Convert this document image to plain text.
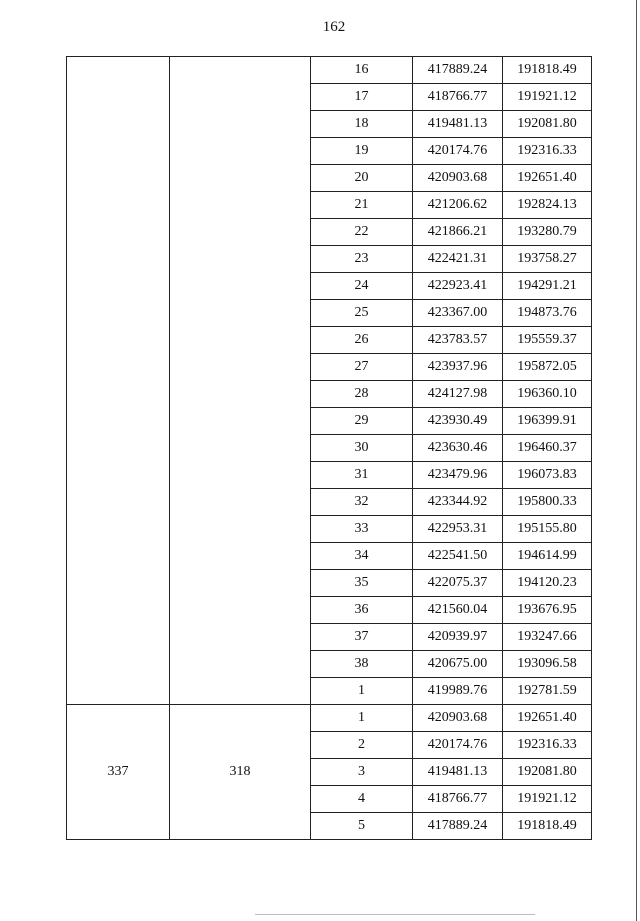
162
		16	417889.24	191818.49
		17	418766.77	191921.12
		18	419481.13	192081.80
		19	420174.76	192316.33
		20	420903.68	192651.40
		21	421206.62	192824.13
		22	421866.21	193280.79
		23	422421.31	193758.27
		24	422923.41	194291.21
		25	423367.00	194873.76
		26	423783.57	195559.37
		27	423937.96	195872.05
		28	424127.98	196360.10
		29	423930.49	196399.91
		30	423630.46	196460.37
		31	423479.96	196073.83
		32	423344.92	195800.33
		33	422953.31	195155.80
		34	422541.50	194614.99
		35	422075.37	194120.23
		36	421560.04	193676.95
		37	420939.97	193247.66
		38	420675.00	193096.58
		1	419989.76	192781.59
337	318	1	420903.68	192651.40
		2	420174.76	192316.33
		3	419481.13	192081.80
		4	418766.77	191921.12
		5	417889.24	191818.49
